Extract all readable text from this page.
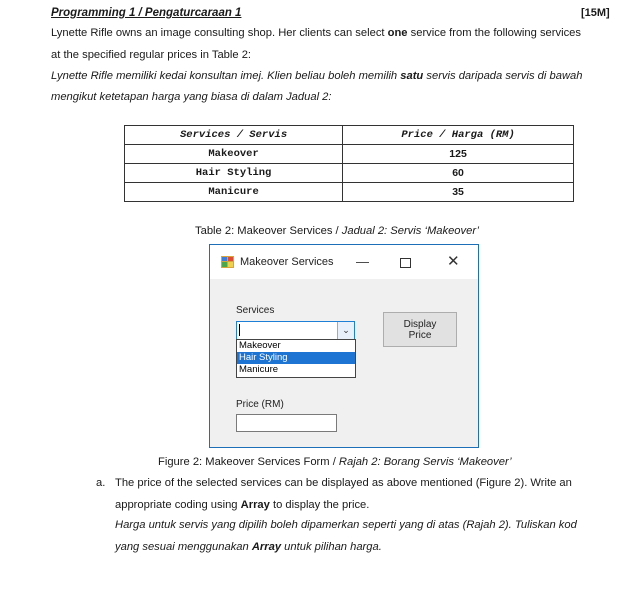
Programming 1 / Pengaturcaraan 1	[15M]
Lynette Rifle owns an image consulting shop. Her clients can select one service from the following services
at the specified regular prices in Table 2:
Lynette Rifle memiliki kedai konsultan imej. Klien beliau boleh memilih satu servis daripada servis di bawah
mengikut ketetapan harga yang biasa di dalam Jadual 2:
Services / Servis	Price / Harga (RM)
Makeover	125
Hair Styling	60
Manicure	35
Table 2: Makeover Services / Jadual 2: Servis ‘Makeover’
Makeover Services —	✕
Services
⌄
Makeover
Hair Styling
Manicure
Display
Price
Price (RM)
Figure 2: Makeover Services Form / Rajah 2: Borang Servis ‘Makeover’
a. The price of the selected services can be displayed as above mentioned (Figure 2). Write an
appropriate coding using Array to display the price.
Harga untuk servis yang dipilih boleh dipamerkan seperti yang di atas (Rajah 2). Tuliskan kod
yang sesuai menggunakan Array untuk pilihan harga.
